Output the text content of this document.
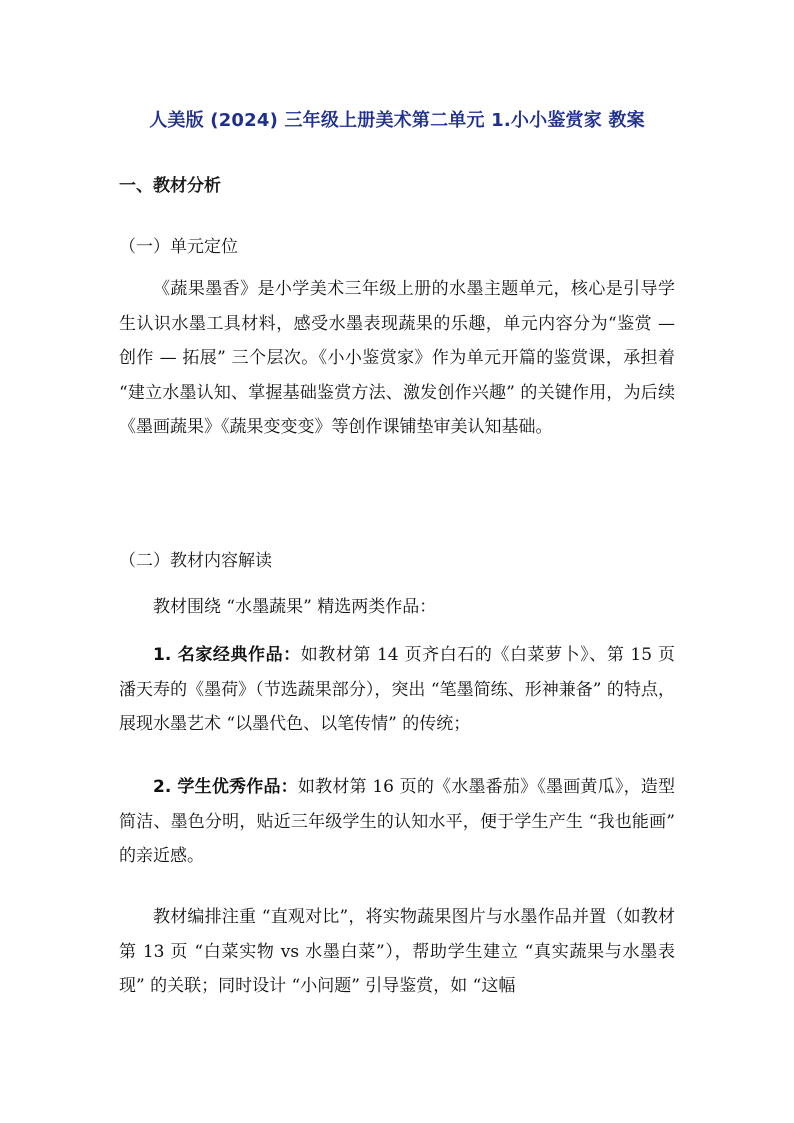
人美版 (2024) 三年级上册美术第二单元 1.小小鉴赏家 教案
一、教材分析
（一）单元定位

《蔬果墨香》是小学美术三年级上册的水墨主题单元，核心是引导学生认识水墨工具材料，感受水墨表现蔬果的乐趣，单元内容分为“鉴赏 — 创作 — 拓展” 三个层次。《小小鉴赏家》作为单元开篇的鉴赏课，承担着 “建立水墨认知、掌握基础鉴赏方法、激发创作兴趣” 的关键作用，为后续《墨画蔬果》《蔬果变变变》等创作课铺垫审美认知基础。

（二）教材内容解读

教材围绕 “水墨蔬果” 精选两类作品：

1. 名家经典作品：如教材第 14 页齐白石的《白菜萝卜》、第 15 页潘天寿的《墨荷》（节选蔬果部分），突出 “笔墨简练、形神兼备” 的特点，展现水墨艺术 “以墨代色、以笔传情” 的传统；

2. 学生优秀作品：如教材第 16 页的《水墨番茄》《墨画黄瓜》，造型简洁、墨色分明，贴近三年级学生的认知水平，便于学生产生 “我也能画” 的亲近感。

教材编排注重 “直观对比”，将实物蔬果图片与水墨作品并置（如教材第 13 页 “白菜实物 vs 水墨白菜”），帮助学生建立 “真实蔬果与水墨表现” 的关联；同时设计 “小问题” 引导鉴赏，如 “这幅
